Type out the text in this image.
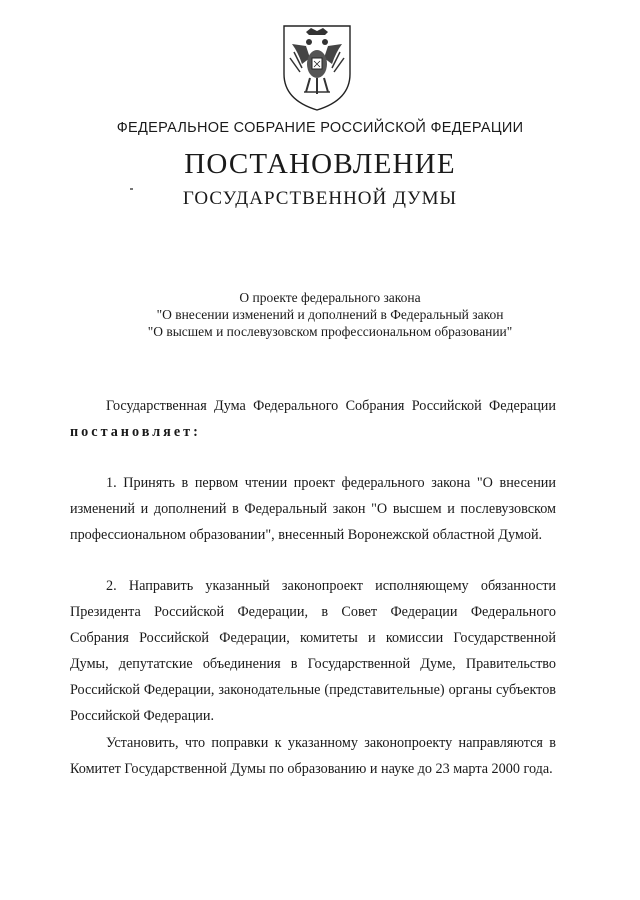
ФЕДЕРАЛЬНОЕ СОБРАНИЕ РОССИЙСКОЙ ФЕДЕРАЦИИ
ПОСТАНОВЛЕНИЕ
ГОСУДАРСТВЕННОЙ ДУМЫ
О проекте федерального закона
"О внесении изменений и дополнений в Федеральный закон
"О высшем и послевузовском профессиональном образовании"

Государственная Дума Федерального Собрания Российской Федерации постановляет:

1. Принять в первом чтении проект федерального закона "О внесении изменений и дополнений в Федеральный закон "О высшем и послевузовском профессиональном образовании", внесенный Воронежской областной Думой.

2. Направить указанный законопроект исполняющему обязанности Президента Российской Федерации, в Совет Федерации Федерального Собрания Российской Федерации, комитеты и комиссии Государственной Думы, депутатские объединения в Государственной Думе, Правительство Российской Федерации, законодательные (представительные) органы субъектов Российской Федерации.

Установить, что поправки к указанному законопроекту направляются в Комитет Государственной Думы по образованию и науке до 23 марта 2000 года.
